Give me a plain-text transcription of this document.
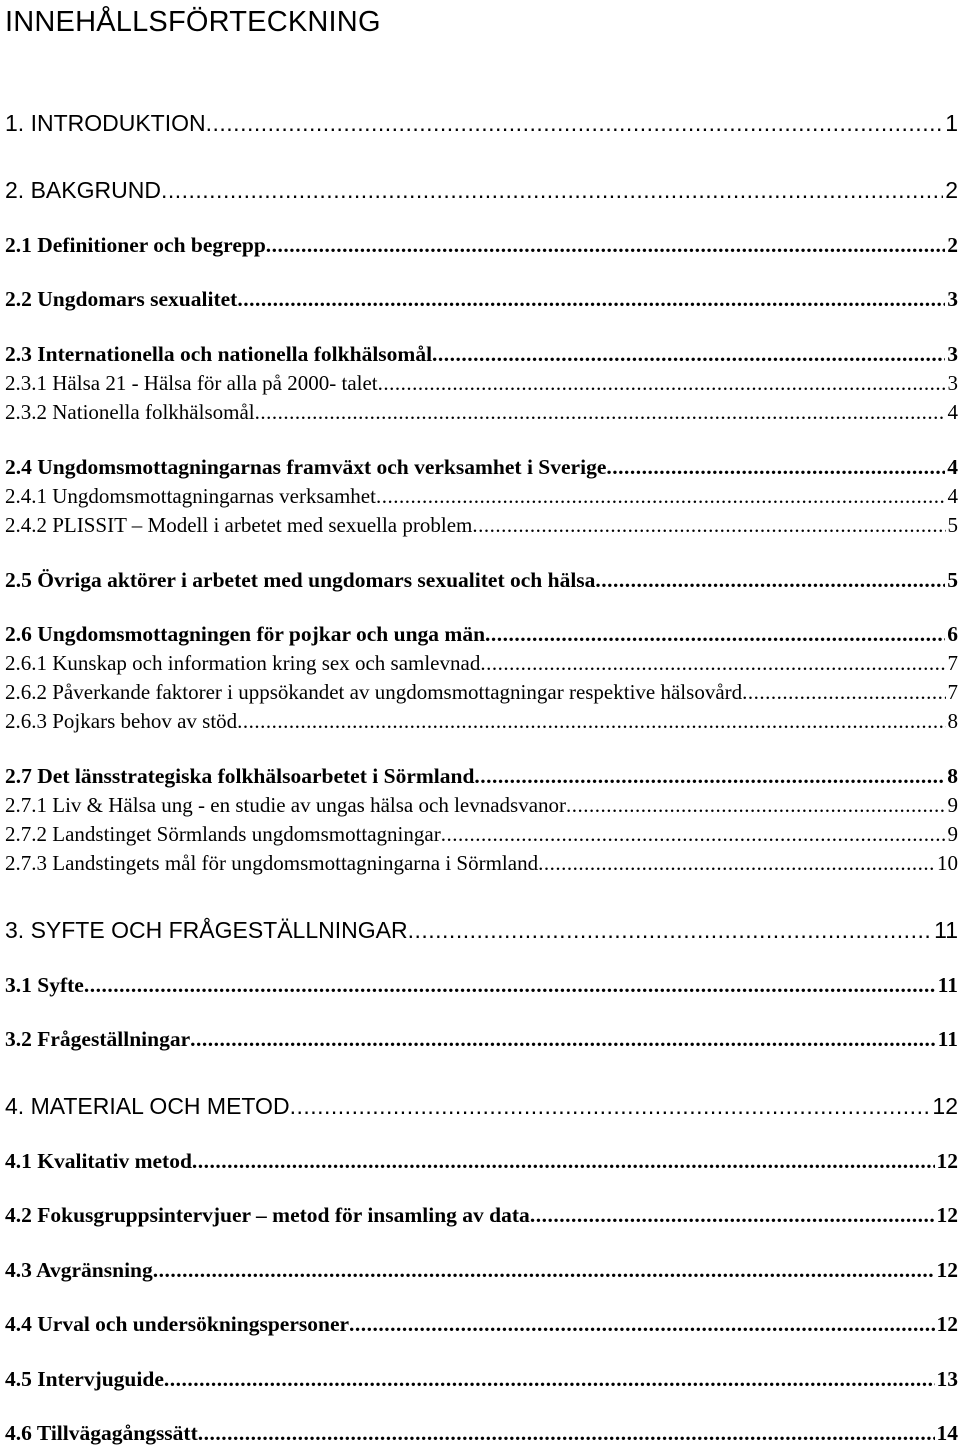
INNEHÅLLSFÖRTECKNING
1. INTRODUKTION .....	1
2. BAKGRUND .....	2
2.1 Definitioner och begrepp .....	2
2.2 Ungdomars sexualitet .....	3
2.3 Internationella och nationella folkhälsomål .....	3
2.3.1 Hälsa 21 - Hälsa för alla på 2000- talet .....	3
2.3.2 Nationella folkhälsomål .....	4
2.4 Ungdomsmottagningarnas framväxt och verksamhet i Sverige .....	4
2.4.1 Ungdomsmottagningarnas verksamhet .....	4
2.4.2 PLISSIT – Modell i arbetet med sexuella problem .....	5
2.5 Övriga aktörer i arbetet med ungdomars sexualitet och hälsa .....	5
2.6 Ungdomsmottagningen för pojkar och unga män .....	6
2.6.1 Kunskap och information kring sex och samlevnad .....	7
2.6.2 Påverkande faktorer i uppsökandet av ungdomsmottagningar respektive hälsovård .....	7
2.6.3 Pojkars behov av stöd .....	8
2.7 Det länsstrategiska folkhälsoarbetet i Sörmland .....	8
2.7.1 Liv & Hälsa ung - en studie av ungas hälsa och levnadsvanor .....	9
2.7.2 Landstinget Sörmlands ungdomsmottagningar .....	9
2.7.3 Landstingets mål för ungdomsmottagningarna i Sörmland .....	10
3. SYFTE OCH FRÅGESTÄLLNINGAR .....	11
3.1 Syfte .....	11
3.2 Frågeställningar .....	11
4. MATERIAL OCH METOD .....	12
4.1 Kvalitativ metod .....	12
4.2 Fokusgruppsintervjuer – metod för insamling av data .....	12
4.3 Avgränsning .....	12
4.4 Urval och undersökningspersoner .....	12
4.5 Intervjuguide .....	13
4.6 Tillvägagångssätt .....	14
